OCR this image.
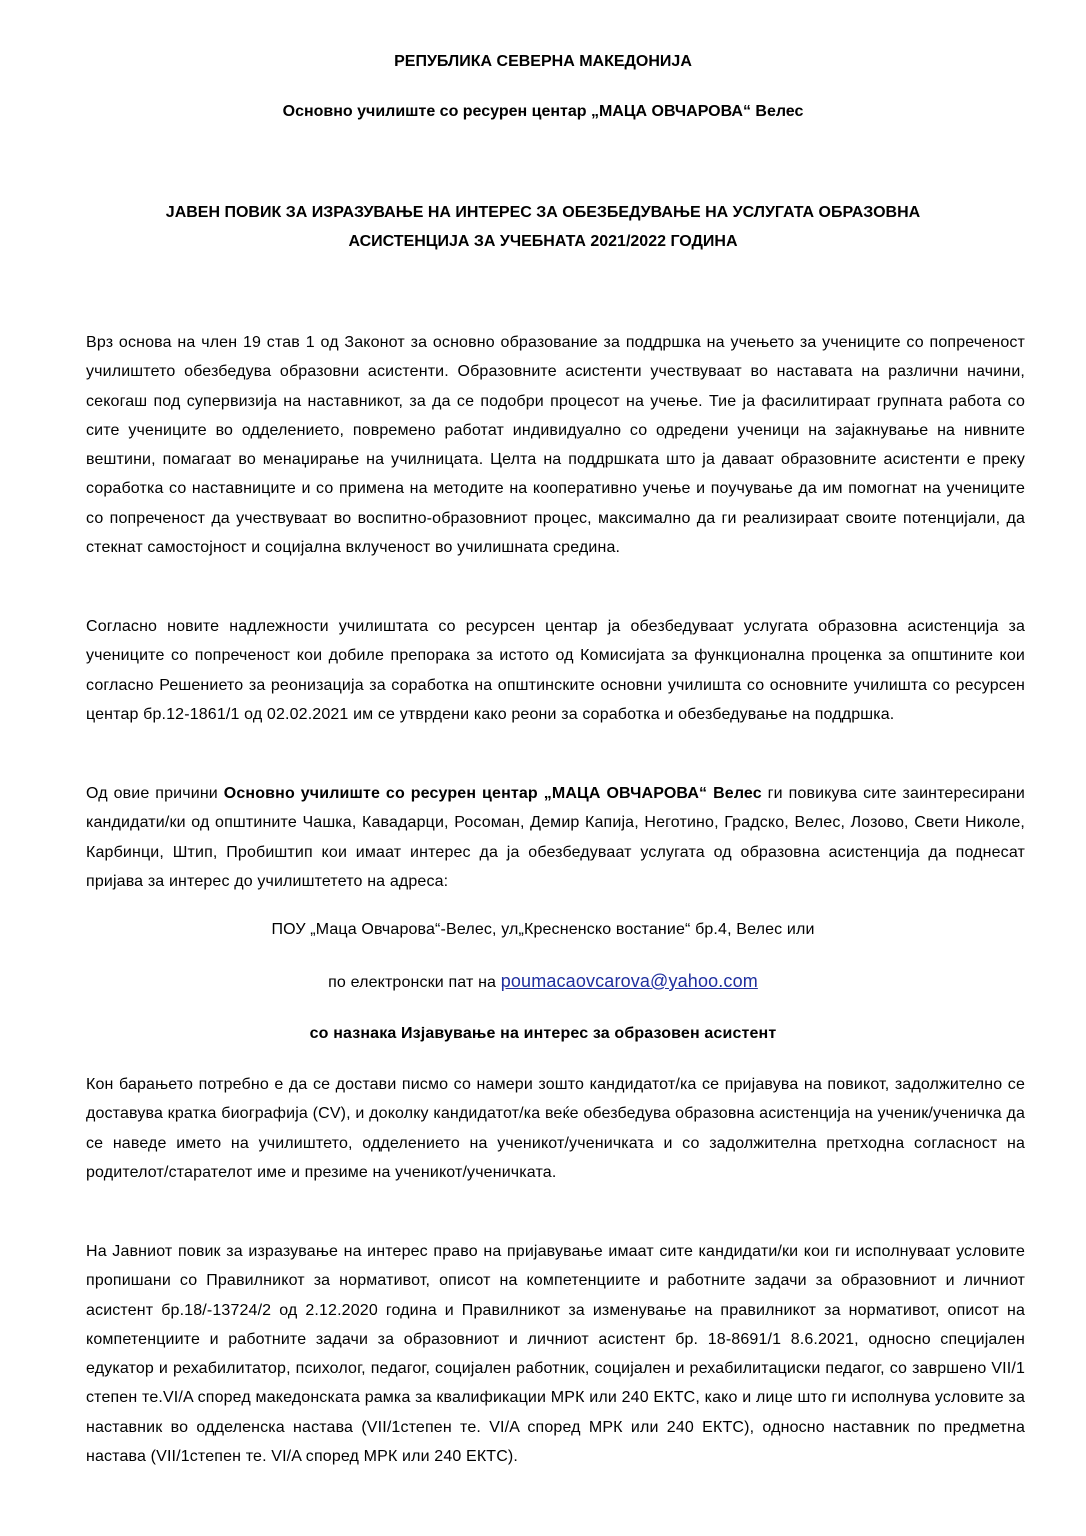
РЕПУБЛИКА СЕВЕРНА МАКЕДОНИЈА
Основно училиште со ресурен центар „МАЦА ОВЧАРОВА“ Велес
ЈАВЕН ПОВИК ЗА ИЗРАЗУВАЊЕ НА ИНТЕРЕС ЗА ОБЕЗБЕДУВАЊЕ НА УСЛУГАТА ОБРАЗОВНА
АСИСТЕНЦИЈА ЗА УЧЕБНАТА 2021/2022 ГОДИНА
Врз основа на член 19 став 1 од Законот за основно образование за поддршка на учењето за учениците со попреченост училиштето обезбедува образовни асистенти. Образовните асистенти учествуваат во наставата на различни начини, секогаш под супервизија на наставникот, за да се подобри процесот на учење. Тие ја фасилитираат групната работа со сите учениците во одделението, повремено работат индивидуално со одредени ученици на зајакнување на нивните вештини, помагаат во менаџирање на училницата. Целта на поддршката што ја даваат образовните асистенти е преку соработка со наставниците и со примена на методите на кооперативно учење и поучување да им помогнат на учениците со попреченост да учествуваат во воспитно-образовниот процес, максимално да ги реализираат своите потенцијали, да стекнат самостојност и социјална вклученост во училишната средина.
Согласно новите надлежности училиштата со ресурсен центар ја обезбедуваат услугата образовна асистенција за учениците со попреченост кои добиле препорака за истото од Комисијата за функционална проценка за општините кои согласно Решението за реонизација за соработка на општинските основни училишта со основните училишта со ресурсен центар бр.12-1861/1 од 02.02.2021 им се утврдени како реони за соработка и обезбедување на поддршка.
Од овие причини Основно училиште со ресурен центар „МАЦА ОВЧАРОВА“ Велес ги повикува сите заинтересирани кандидати/ки од општините Чашка, Кавадарци, Росоман, Демир Капија, Неготино, Градско, Велес, Лозово, Свети Николе, Карбинци, Штип, Пробиштип кои имаат интерес да ја обезбедуваат услугата од образовна асистенција да поднесат пријава за интерес до училиштетето на адреса:
ПОУ „Маца Овчарова“-Велес, ул„Кресненско востание“ бр.4, Велес или
по електронски пат на poumacaovcarova@yahoo.com
со назнака Изјавување на интерес за образовен асистент
Кон барањето потребно е да се достави писмо со намери зошто кандидатот/ка се пријавува на повикот, задолжително се доставува кратка биографија (CV), и доколку кандидатот/ка веќе обезбедува образовна асистенција на ученик/ученичка да се наведе името на училиштето, одделението на ученикот/ученичката и со задолжителна претходна согласност на родителот/старателот име и презиме на ученикот/ученичката.
На Јавниот повик за изразување на интерес право на пријавување имаат сите кандидати/ки кои ги исполнуваат условите пропишани со Правилникот за нормативот, описот на компетенциите и работните задачи за образовниот и личниот асистент бр.18/-13724/2 од 2.12.2020 година и Правилникот за изменување на правилникот за нормативот, описот на компетенциите и работните задачи за образовниот и личниот асистент бр. 18-8691/1 8.6.2021, односно специјален едукатор и рехабилитатор, психолог, педагог, социјален работник, социјален и рехабилитациски педагог, со завршено VII/1 степен те.VI/A според македонската рамка за квалификации МРК или 240 ЕКТС, како и лице што ги исполнува условите за наставник во одделенска настава (VII/1степен те. VI/A според МРК или 240 ЕКТС), односно наставник по предметна настава (VII/1степен те. VI/A според МРК или 240 ЕКТС).
